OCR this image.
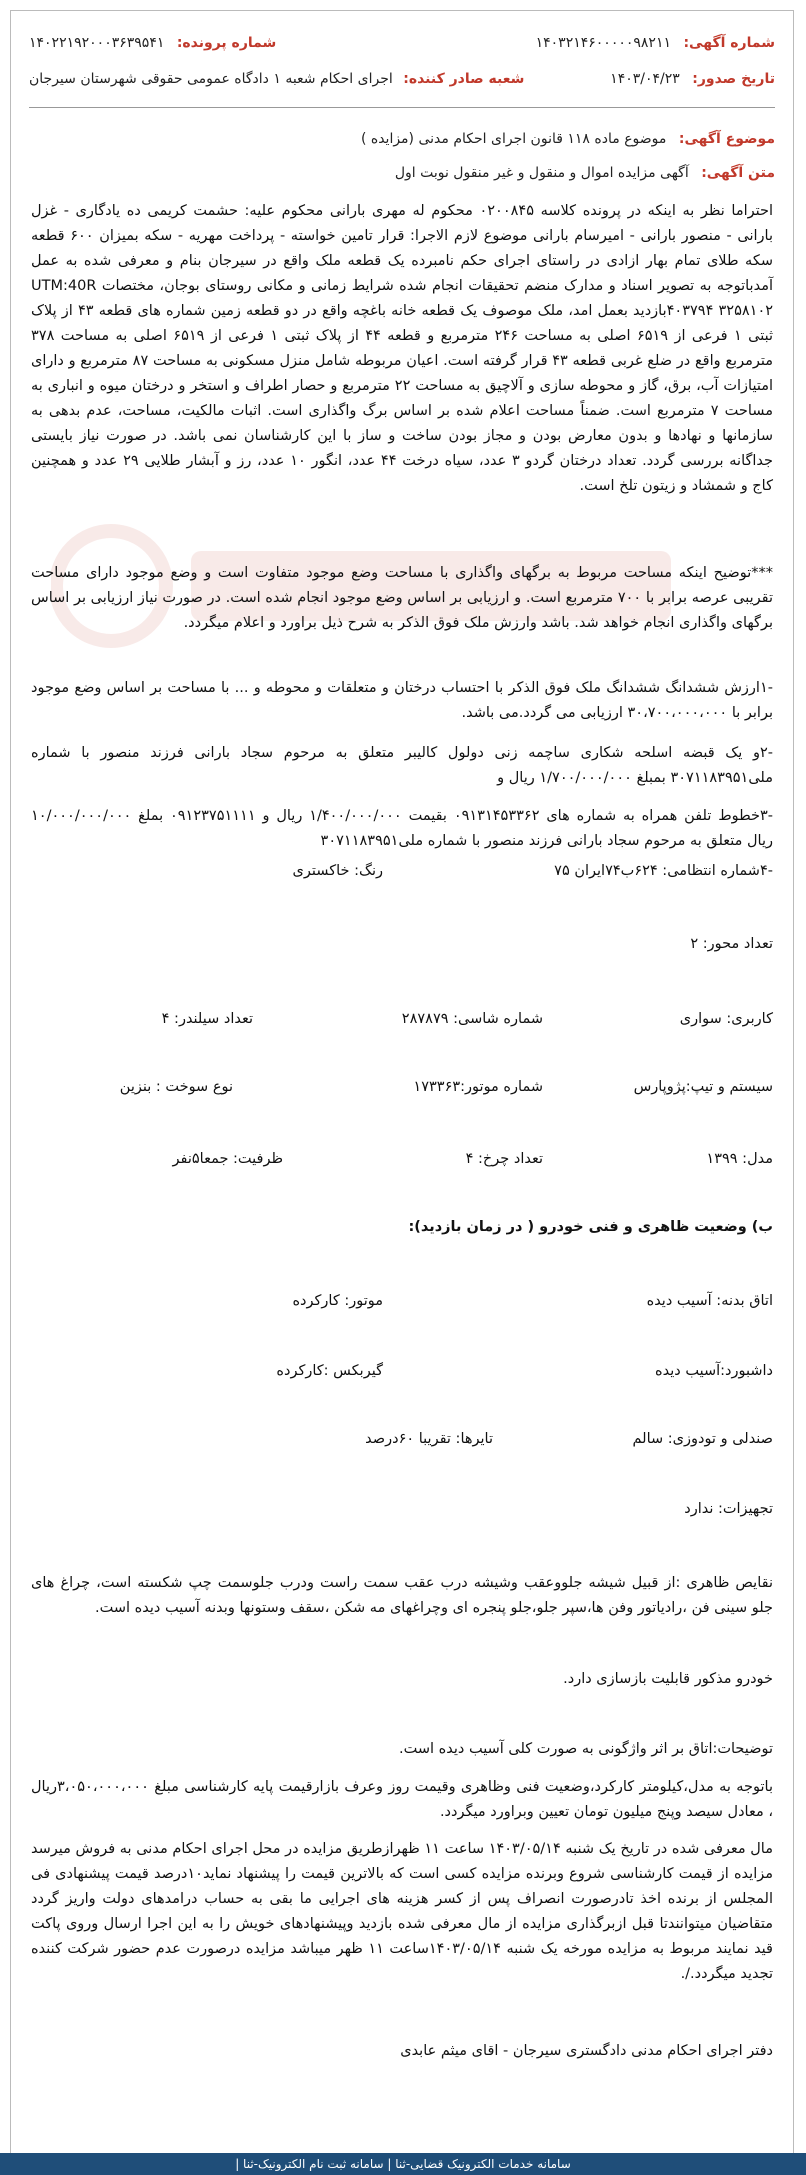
شماره آگهی: ۱۴۰۳۲۱۴۶۰۰۰۰۰۹۸۲۱۱
شماره پرونده: ۱۴۰۲۲۱۹۲۰۰۰۳۶۳۹۵۴۱
تاریخ صدور: ۱۴۰۳/۰۴/۲۳
شعبه صادر کننده: اجرای احکام شعبه ۱ دادگاه عمومی حقوقی شهرستان سیرجان
موضوع آگهی: موضوع ماده ۱۱۸ قانون اجرای احکام مدنی (مزایده )
متن آگهی: آگهی مزایده اموال و منقول و غیر منقول نوبت اول
احتراما نظر به اینکه در پرونده کلاسه ۰۲۰۰۸۴۵ محکوم له مهری بارانی محکوم علیه: حشمت کریمی ده یادگاری - غزل بارانی - منصور بارانی - امیرسام بارانی موضوع لازم الاجرا: قرار تامین خواسته - پرداخت مهریه - سکه بمیزان ۶۰۰ قطعه سکه طلای تمام بهار ازادی در راستای اجرای حکم نامبرده یک قطعه ملک واقع در سیرجان بنام و معرفی شده به عمل آمدباتوجه به تصویر اسناد و مدارک منضم تحقیقات انجام شده شرایط زمانی و مکانی روستای بوجان، مختصات UTM:40R ۴۰۳۷۹۴ ۳۲۵۸۱۰۲بازدید بعمل امد، ملک موصوف یک قطعه خانه باغچه واقع در دو قطعه زمین شماره های قطعه ۴۳ از پلاک ثبتی ۱ فرعی از ۶۵۱۹ اصلی به مساحت ۲۴۶ مترمربع و قطعه ۴۴ از پلاک ثبتی ۱ فرعی از ۶۵۱۹ اصلی به مساحت ۳۷۸ مترمربع واقع در ضلع غربی قطعه ۴۳ قرار گرفته است. اعیان مربوطه شامل منزل مسکونی به مساحت ۸۷ مترمربع و دارای امتیازات آب، برق، گاز و محوطه سازی و آلاچیق به مساحت ۲۲ مترمربع و حصار اطراف و استخر و درختان میوه و انباری به مساحت ۷ مترمربع است. ضمناً مساحت اعلام شده بر اساس برگ واگذاری است. اثبات مالکیت، مساحت، عدم بدهی به سازمانها و نهادها و بدون معارض بودن و مجاز بودن ساخت و ساز با این کارشناسان نمی باشد. در صورت نیاز بایستی جداگانه بررسی گردد. تعداد درختان گردو ۳ عدد، سیاه درخت ۴۴ عدد، انگور ۱۰ عدد، رز و آبشار طلایی ۲۹ عدد و همچنین کاج و شمشاد و زیتون تلخ است.
***توضیح اینکه مساحت مربوط به برگهای واگذاری با مساحت وضع موجود متفاوت است و وضع موجود دارای مساحت تقریبی عرصه برابر با ۷۰۰ مترمربع است. و ارزیابی بر اساس وضع موجود انجام شده است. در صورت نیاز ارزیابی بر اساس برگهای واگذاری انجام خواهد شد. باشد وارزش ملک فوق الذکر به شرح ذیل براورد و اعلام میگردد.
-۱ارزش ششدانگ ششدانگ ملک فوق الذکر با احتساب درختان و متعلقات و محوطه و ... با مساحت بر اساس وضع موجود برابر با ۳۰،۷۰۰،۰۰۰،۰۰۰ ارزیابی می گردد.می باشد.
-۲و یک قبضه اسلحه شکاری ساچمه زنی دولول کالیبر متعلق به مرحوم سجاد بارانی فرزند منصور با شماره ملی۳۰۷۱۱۸۳۹۵۱ بمبلغ ۱/۷۰۰/۰۰۰/۰۰۰ ریال و
-۳خطوط تلفن همراه به شماره های ۰۹۱۳۱۴۵۳۳۶۲ بقیمت ۱/۴۰۰/۰۰۰/۰۰۰ ریال و ۰۹۱۲۳۷۵۱۱۱۱ بملغ ۱۰/۰۰۰/۰۰۰/۰۰۰ ریال متعلق به مرحوم سجاد بارانی فرزند منصور با شماره ملی۳۰۷۱۱۸۳۹۵۱
-۴شماره انتظامی: ۶۲۴ب۷۴ایران ۷۵
رنگ: خاکستری
تعداد محور: ۲
کاربری: سواری
شماره شاسی: ۲۸۷۸۷۹
تعداد سیلندر: ۴
سیستم و تیپ:پژوپارس
شماره موتور:۱۷۳۳۶۳
نوع سوخت : بنزین
مدل: ۱۳۹۹
تعداد چرخ: ۴
ظرفیت: جمعا۵نفر
ب) وضعیت ظاهری و فنی خودرو ( در زمان بازدید):
اتاق بدنه: آسیب دیده
موتور: کارکرده
داشبورد:آسیب دیده
گیربکس :کارکرده
صندلی و تودوزی: سالم
تایرها: تقریبا ۶۰درصد
تجهیزات: ندارد
نقایص ظاهری :از قبیل شیشه جلووعقب وشیشه درب عقب سمت راست ودرب جلوسمت چپ شکسته است، چراغ های جلو سینی فن ،رادیاتور وفن ها،سپر جلو،جلو پنجره ای وچراغهای مه شکن ،سقف وستونها وبدنه آسیب دیده است.
خودرو مذکور قابلیت بازسازی دارد.
توضیحات:اتاق بر اثر واژگونی به صورت کلی آسیب دیده است.
باتوجه به مدل،کیلومتر کارکرد،وضعیت فنی وظاهری وقیمت روز وعرف بازارقیمت پایه کارشناسی مبلغ ۳،۰۵۰،۰۰۰،۰۰۰ریال ، معادل سیصد وپنج میلیون تومان تعیین وبراورد میگردد.
مال معرفی شده در تاریخ یک شنبه ۱۴۰۳/۰۵/۱۴ ساعت ۱۱ ظهرازطریق مزایده در محل اجرای احکام مدنی به فروش میرسد مزایده از قیمت کارشناسی شروع وبرنده مزایده کسی است که بالاترین قیمت را پیشنهاد نماید۱۰درصد قیمت پیشنهادی فی المجلس از برنده اخذ تادرصورت انصراف پس از کسر هزینه های اجرایی ما بقی به حساب درامدهای دولت واریز گردد متقاضیان میتوانندتا قبل ازبرگذاری مزایده از مال معرفی شده بازدید وپیشنهادهای خویش را به این اجرا ارسال وروی پاکت قید نمایند مربوط به مزایده مورخه یک شنبه ۱۴۰۳/۰۵/۱۴ساعت ۱۱ ظهر میباشد مزایده درصورت عدم حضور شرکت کننده تجدید میگردد./.
دفتر اجرای احکام مدنی دادگستری سیرجان - اقای میثم عابدی
سامانه خدمات الکترونیک قضایی-ثنا | سامانه ثبت نام الکترونیک-ثنا |
